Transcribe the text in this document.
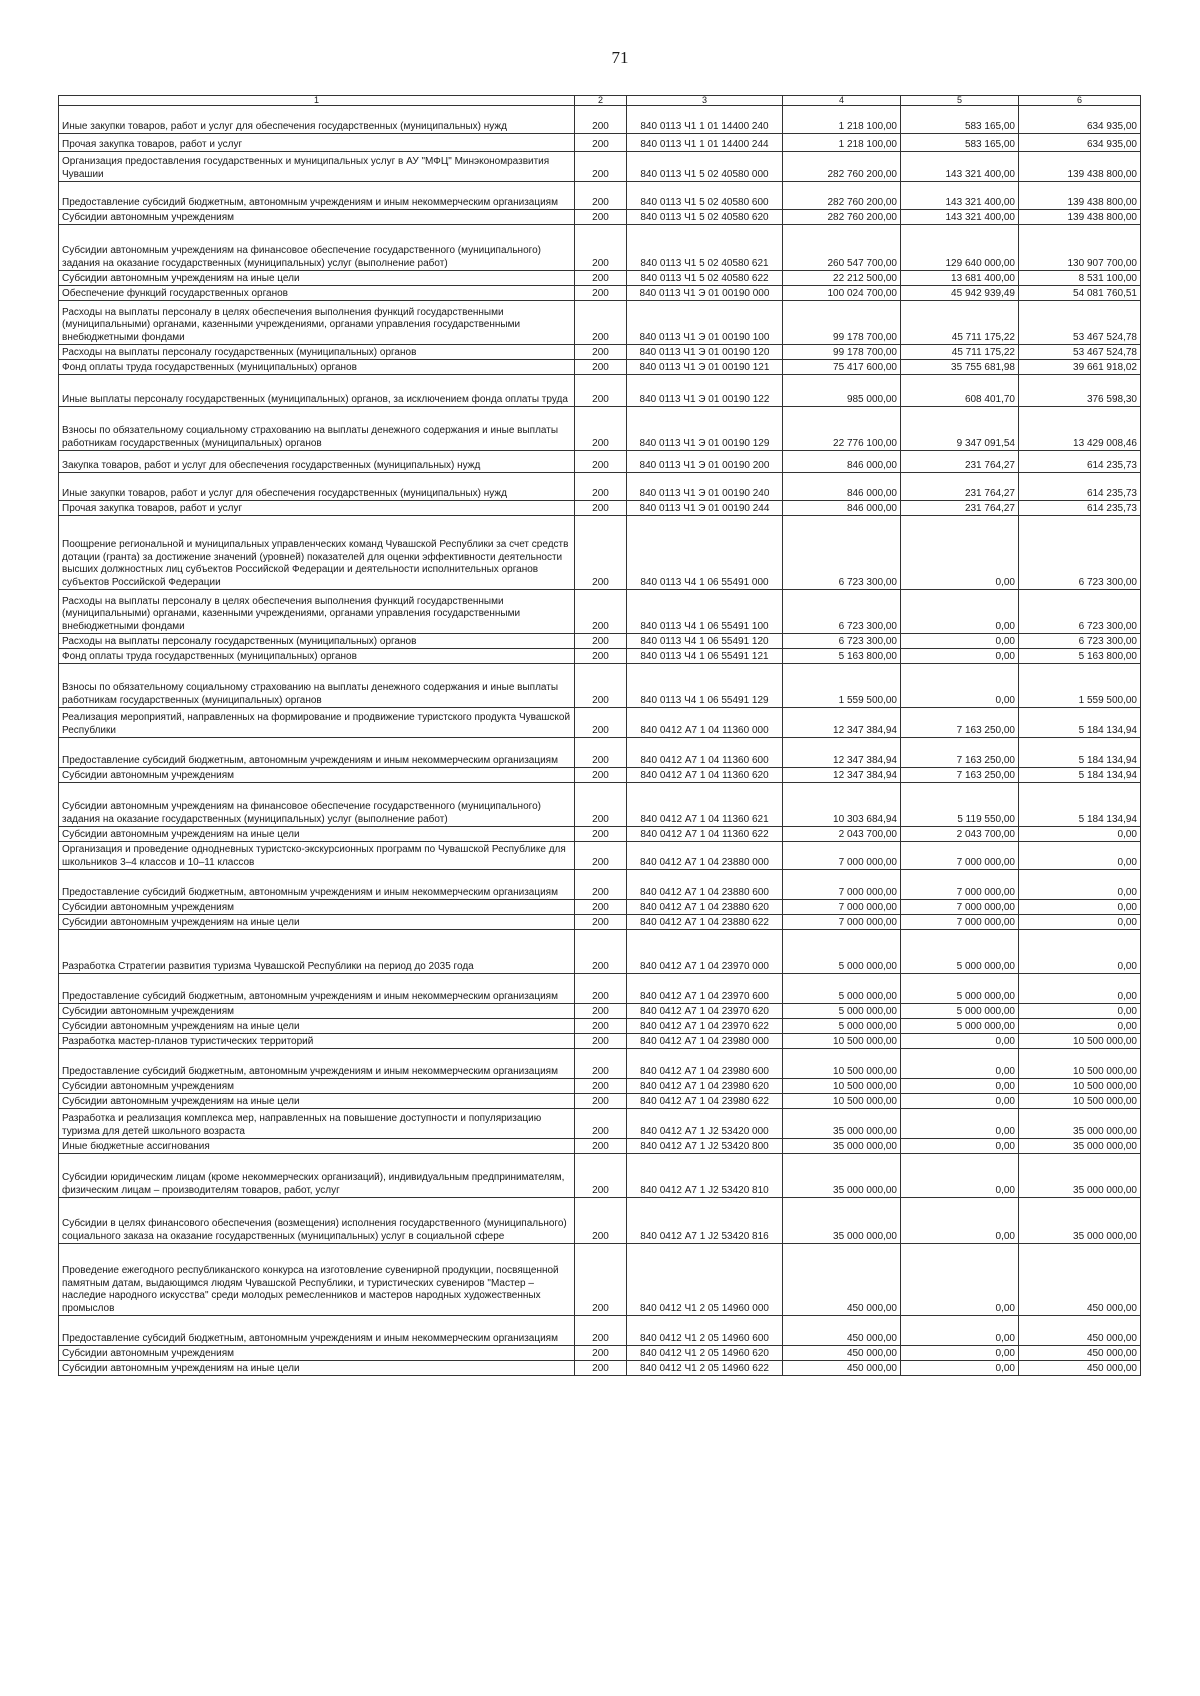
71
1	2	3	4	5	6
Иные закупки товаров, работ и услуг для обеспечения государственных (муниципальных) нужд	200	840 0113 Ч1 1 01 14400 240	1 218 100,00	583 165,00	634 935,00
Прочая закупка товаров, работ и услуг	200	840 0113 Ч1 1 01 14400 244	1 218 100,00	583 165,00	634 935,00
Организация предоставления государственных и муниципальных услуг в АУ "МФЦ" Минэкономразвития Чувашии	200	840 0113 Ч1 5 02 40580 000	282 760 200,00	143 321 400,00	139 438 800,00
Предоставление субсидий бюджетным, автономным учреждениям и иным некоммерческим организациям	200	840 0113 Ч1 5 02 40580 600	282 760 200,00	143 321 400,00	139 438 800,00
Субсидии автономным учреждениям	200	840 0113 Ч1 5 02 40580 620	282 760 200,00	143 321 400,00	139 438 800,00
Субсидии автономным учреждениям на финансовое обеспечение государственного (муниципального) задания на оказание государственных (муниципальных) услуг (выполнение работ)	200	840 0113 Ч1 5 02 40580 621	260 547 700,00	129 640 000,00	130 907 700,00
Субсидии автономным учреждениям на иные цели	200	840 0113 Ч1 5 02 40580 622	22 212 500,00	13 681 400,00	8 531 100,00
Обеспечение функций государственных органов	200	840 0113 Ч1 Э 01 00190 000	100 024 700,00	45 942 939,49	54 081 760,51
Расходы на выплаты персоналу в целях обеспечения выполнения функций государственными (муниципальными) органами, казенными учреждениями, органами управления государственными внебюджетными фондами	200	840 0113 Ч1 Э 01 00190 100	99 178 700,00	45 711 175,22	53 467 524,78
Расходы на выплаты персоналу государственных (муниципальных) органов	200	840 0113 Ч1 Э 01 00190 120	99 178 700,00	45 711 175,22	53 467 524,78
Фонд оплаты труда государственных (муниципальных) органов	200	840 0113 Ч1 Э 01 00190 121	75 417 600,00	35 755 681,98	39 661 918,02
Иные выплаты персоналу государственных (муниципальных) органов, за исключением фонда оплаты труда	200	840 0113 Ч1 Э 01 00190 122	985 000,00	608 401,70	376 598,30
Взносы по обязательному социальному страхованию на выплаты денежного содержания и иные выплаты работникам государственных (муниципальных) органов	200	840 0113 Ч1 Э 01 00190 129	22 776 100,00	9 347 091,54	13 429 008,46
Закупка товаров, работ и услуг для обеспечения государственных (муниципальных) нужд	200	840 0113 Ч1 Э 01 00190 200	846 000,00	231 764,27	614 235,73
Иные закупки товаров, работ и услуг для обеспечения государственных (муниципальных) нужд	200	840 0113 Ч1 Э 01 00190 240	846 000,00	231 764,27	614 235,73
Прочая закупка товаров, работ и услуг	200	840 0113 Ч1 Э 01 00190 244	846 000,00	231 764,27	614 235,73
Поощрение региональной и муниципальных управленческих команд Чувашской Республики за счет средств дотации (гранта) за достижение значений (уровней) показателей для оценки эффективности деятельности высших должностных лиц субъектов Российской Федерации и деятельности исполнительных органов субъектов Российской Федерации	200	840 0113 Ч4 1 06 55491 000	6 723 300,00	0,00	6 723 300,00
Расходы на выплаты персоналу в целях обеспечения выполнения функций государственными (муниципальными) органами, казенными учреждениями, органами управления государственными внебюджетными фондами	200	840 0113 Ч4 1 06 55491 100	6 723 300,00	0,00	6 723 300,00
Расходы на выплаты персоналу государственных (муниципальных) органов	200	840 0113 Ч4 1 06 55491 120	6 723 300,00	0,00	6 723 300,00
Фонд оплаты труда государственных (муниципальных) органов	200	840 0113 Ч4 1 06 55491 121	5 163 800,00	0,00	5 163 800,00
Взносы по обязательному социальному страхованию на выплаты денежного содержания и иные выплаты работникам государственных (муниципальных) органов	200	840 0113 Ч4 1 06 55491 129	1 559 500,00	0,00	1 559 500,00
Реализация мероприятий, направленных на формирование и продвижение туристского продукта Чувашской Республики	200	840 0412 А7 1 04 11360 000	12 347 384,94	7 163 250,00	5 184 134,94
Предоставление субсидий бюджетным, автономным учреждениям и иным некоммерческим организациям	200	840 0412 А7 1 04 11360 600	12 347 384,94	7 163 250,00	5 184 134,94
Субсидии автономным учреждениям	200	840 0412 А7 1 04 11360 620	12 347 384,94	7 163 250,00	5 184 134,94
Субсидии автономным учреждениям на финансовое обеспечение государственного (муниципального) задания на оказание государственных (муниципальных) услуг (выполнение работ)	200	840 0412 А7 1 04 11360 621	10 303 684,94	5 119 550,00	5 184 134,94
Субсидии автономным учреждениям на иные цели	200	840 0412 А7 1 04 11360 622	2 043 700,00	2 043 700,00	0,00
Организация и проведение однодневных туристско-экскурсионных программ по Чувашской Республике для школьников 3–4 классов и 10–11 классов	200	840 0412 А7 1 04 23880 000	7 000 000,00	7 000 000,00	0,00
Предоставление субсидий бюджетным, автономным учреждениям и иным некоммерческим организациям	200	840 0412 А7 1 04 23880 600	7 000 000,00	7 000 000,00	0,00
Субсидии автономным учреждениям	200	840 0412 А7 1 04 23880 620	7 000 000,00	7 000 000,00	0,00
Субсидии автономным учреждениям на иные цели	200	840 0412 А7 1 04 23880 622	7 000 000,00	7 000 000,00	0,00
Разработка Стратегии развития туризма Чувашской Республики на период до 2035 года	200	840 0412 А7 1 04 23970 000	5 000 000,00	5 000 000,00	0,00
Предоставление субсидий бюджетным, автономным учреждениям и иным некоммерческим организациям	200	840 0412 А7 1 04 23970 600	5 000 000,00	5 000 000,00	0,00
Субсидии автономным учреждениям	200	840 0412 А7 1 04 23970 620	5 000 000,00	5 000 000,00	0,00
Субсидии автономным учреждениям на иные цели	200	840 0412 А7 1 04 23970 622	5 000 000,00	5 000 000,00	0,00
Разработка мастер-планов туристических территорий	200	840 0412 А7 1 04 23980 000	10 500 000,00	0,00	10 500 000,00
Предоставление субсидий бюджетным, автономным учреждениям и иным некоммерческим организациям	200	840 0412 А7 1 04 23980 600	10 500 000,00	0,00	10 500 000,00
Субсидии автономным учреждениям	200	840 0412 А7 1 04 23980 620	10 500 000,00	0,00	10 500 000,00
Субсидии автономным учреждениям на иные цели	200	840 0412 А7 1 04 23980 622	10 500 000,00	0,00	10 500 000,00
Разработка и реализация комплекса мер, направленных на повышение доступности и популяризацию туризма для детей школьного возраста	200	840 0412 А7 1 J2 53420 000	35 000 000,00	0,00	35 000 000,00
Иные бюджетные ассигнования	200	840 0412 А7 1 J2 53420 800	35 000 000,00	0,00	35 000 000,00
Субсидии юридическим лицам (кроме некоммерческих организаций), индивидуальным предпринимателям, физическим лицам – производителям товаров, работ, услуг	200	840 0412 А7 1 J2 53420 810	35 000 000,00	0,00	35 000 000,00
Субсидии в целях финансового обеспечения (возмещения) исполнения государственного (муниципального) социального заказа на оказание государственных (муниципальных) услуг в социальной сфере	200	840 0412 А7 1 J2 53420 816	35 000 000,00	0,00	35 000 000,00
Проведение ежегодного республиканского конкурса на изготовление сувенирной продукции, посвященной памятным датам, выдающимся людям Чувашской Республики, и туристических сувениров "Мастер – наследие народного искусства" среди молодых ремесленников и мастеров народных художественных промыслов	200	840 0412 Ч1 2 05 14960 000	450 000,00	0,00	450 000,00
Предоставление субсидий бюджетным, автономным учреждениям и иным некоммерческим организациям	200	840 0412 Ч1 2 05 14960 600	450 000,00	0,00	450 000,00
Субсидии автономным учреждениям	200	840 0412 Ч1 2 05 14960 620	450 000,00	0,00	450 000,00
Субсидии автономным учреждениям на иные цели	200	840 0412 Ч1 2 05 14960 622	450 000,00	0,00	450 000,00
